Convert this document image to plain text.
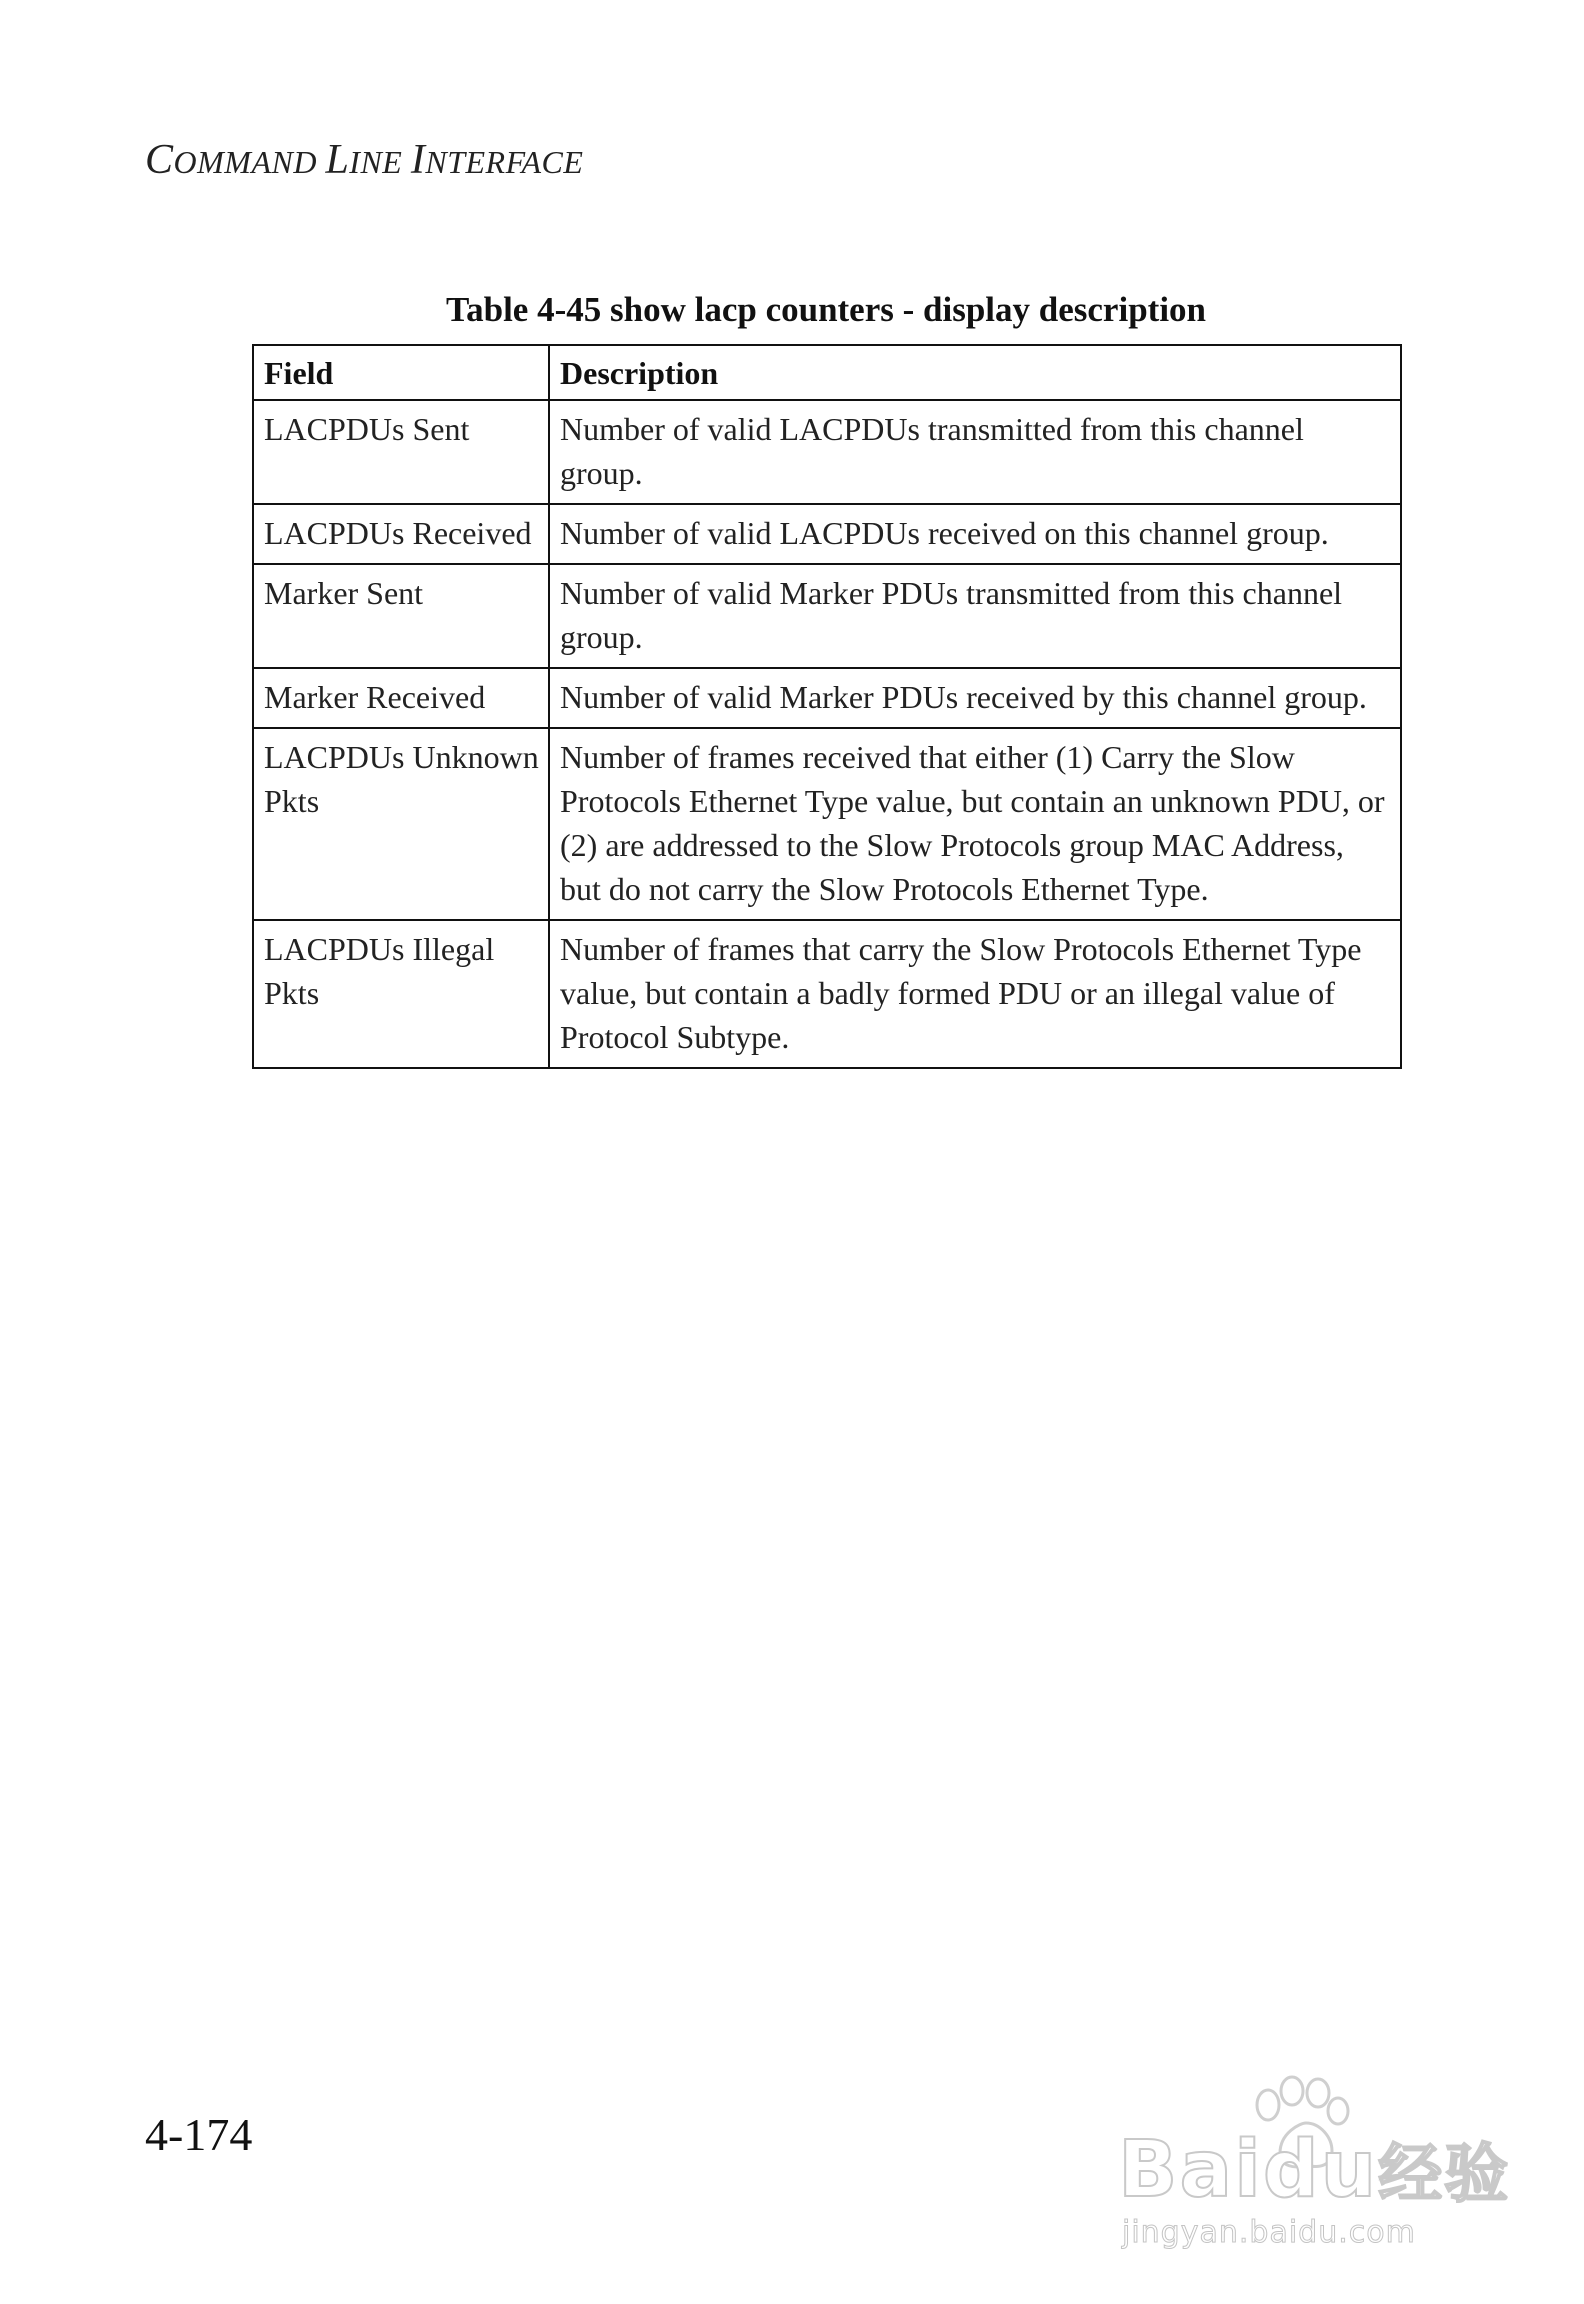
COMMAND LINE INTERFACE
Table 4-45 show lacp counters - display description
Field	Description
LACPDUs Sent	Number of valid LACPDUs transmitted from this channel group.
LACPDUs Received	Number of valid LACPDUs received on this channel group.
Marker Sent	Number of valid Marker PDUs transmitted from this channel group.
Marker Received	Number of valid Marker PDUs received by this channel group.
LACPDUs Unknown Pkts	Number of frames received that either (1) Carry the Slow Protocols Ethernet Type value, but contain an unknown PDU, or (2) are addressed to the Slow Protocols group MAC Address, but do not carry the Slow Protocols Ethernet Type.
LACPDUs Illegal Pkts	Number of frames that carry the Slow Protocols Ethernet Type value, but contain a badly formed PDU or an illegal value of Protocol Subtype.
4-174	Baidu经验
jingyan.baidu.com
